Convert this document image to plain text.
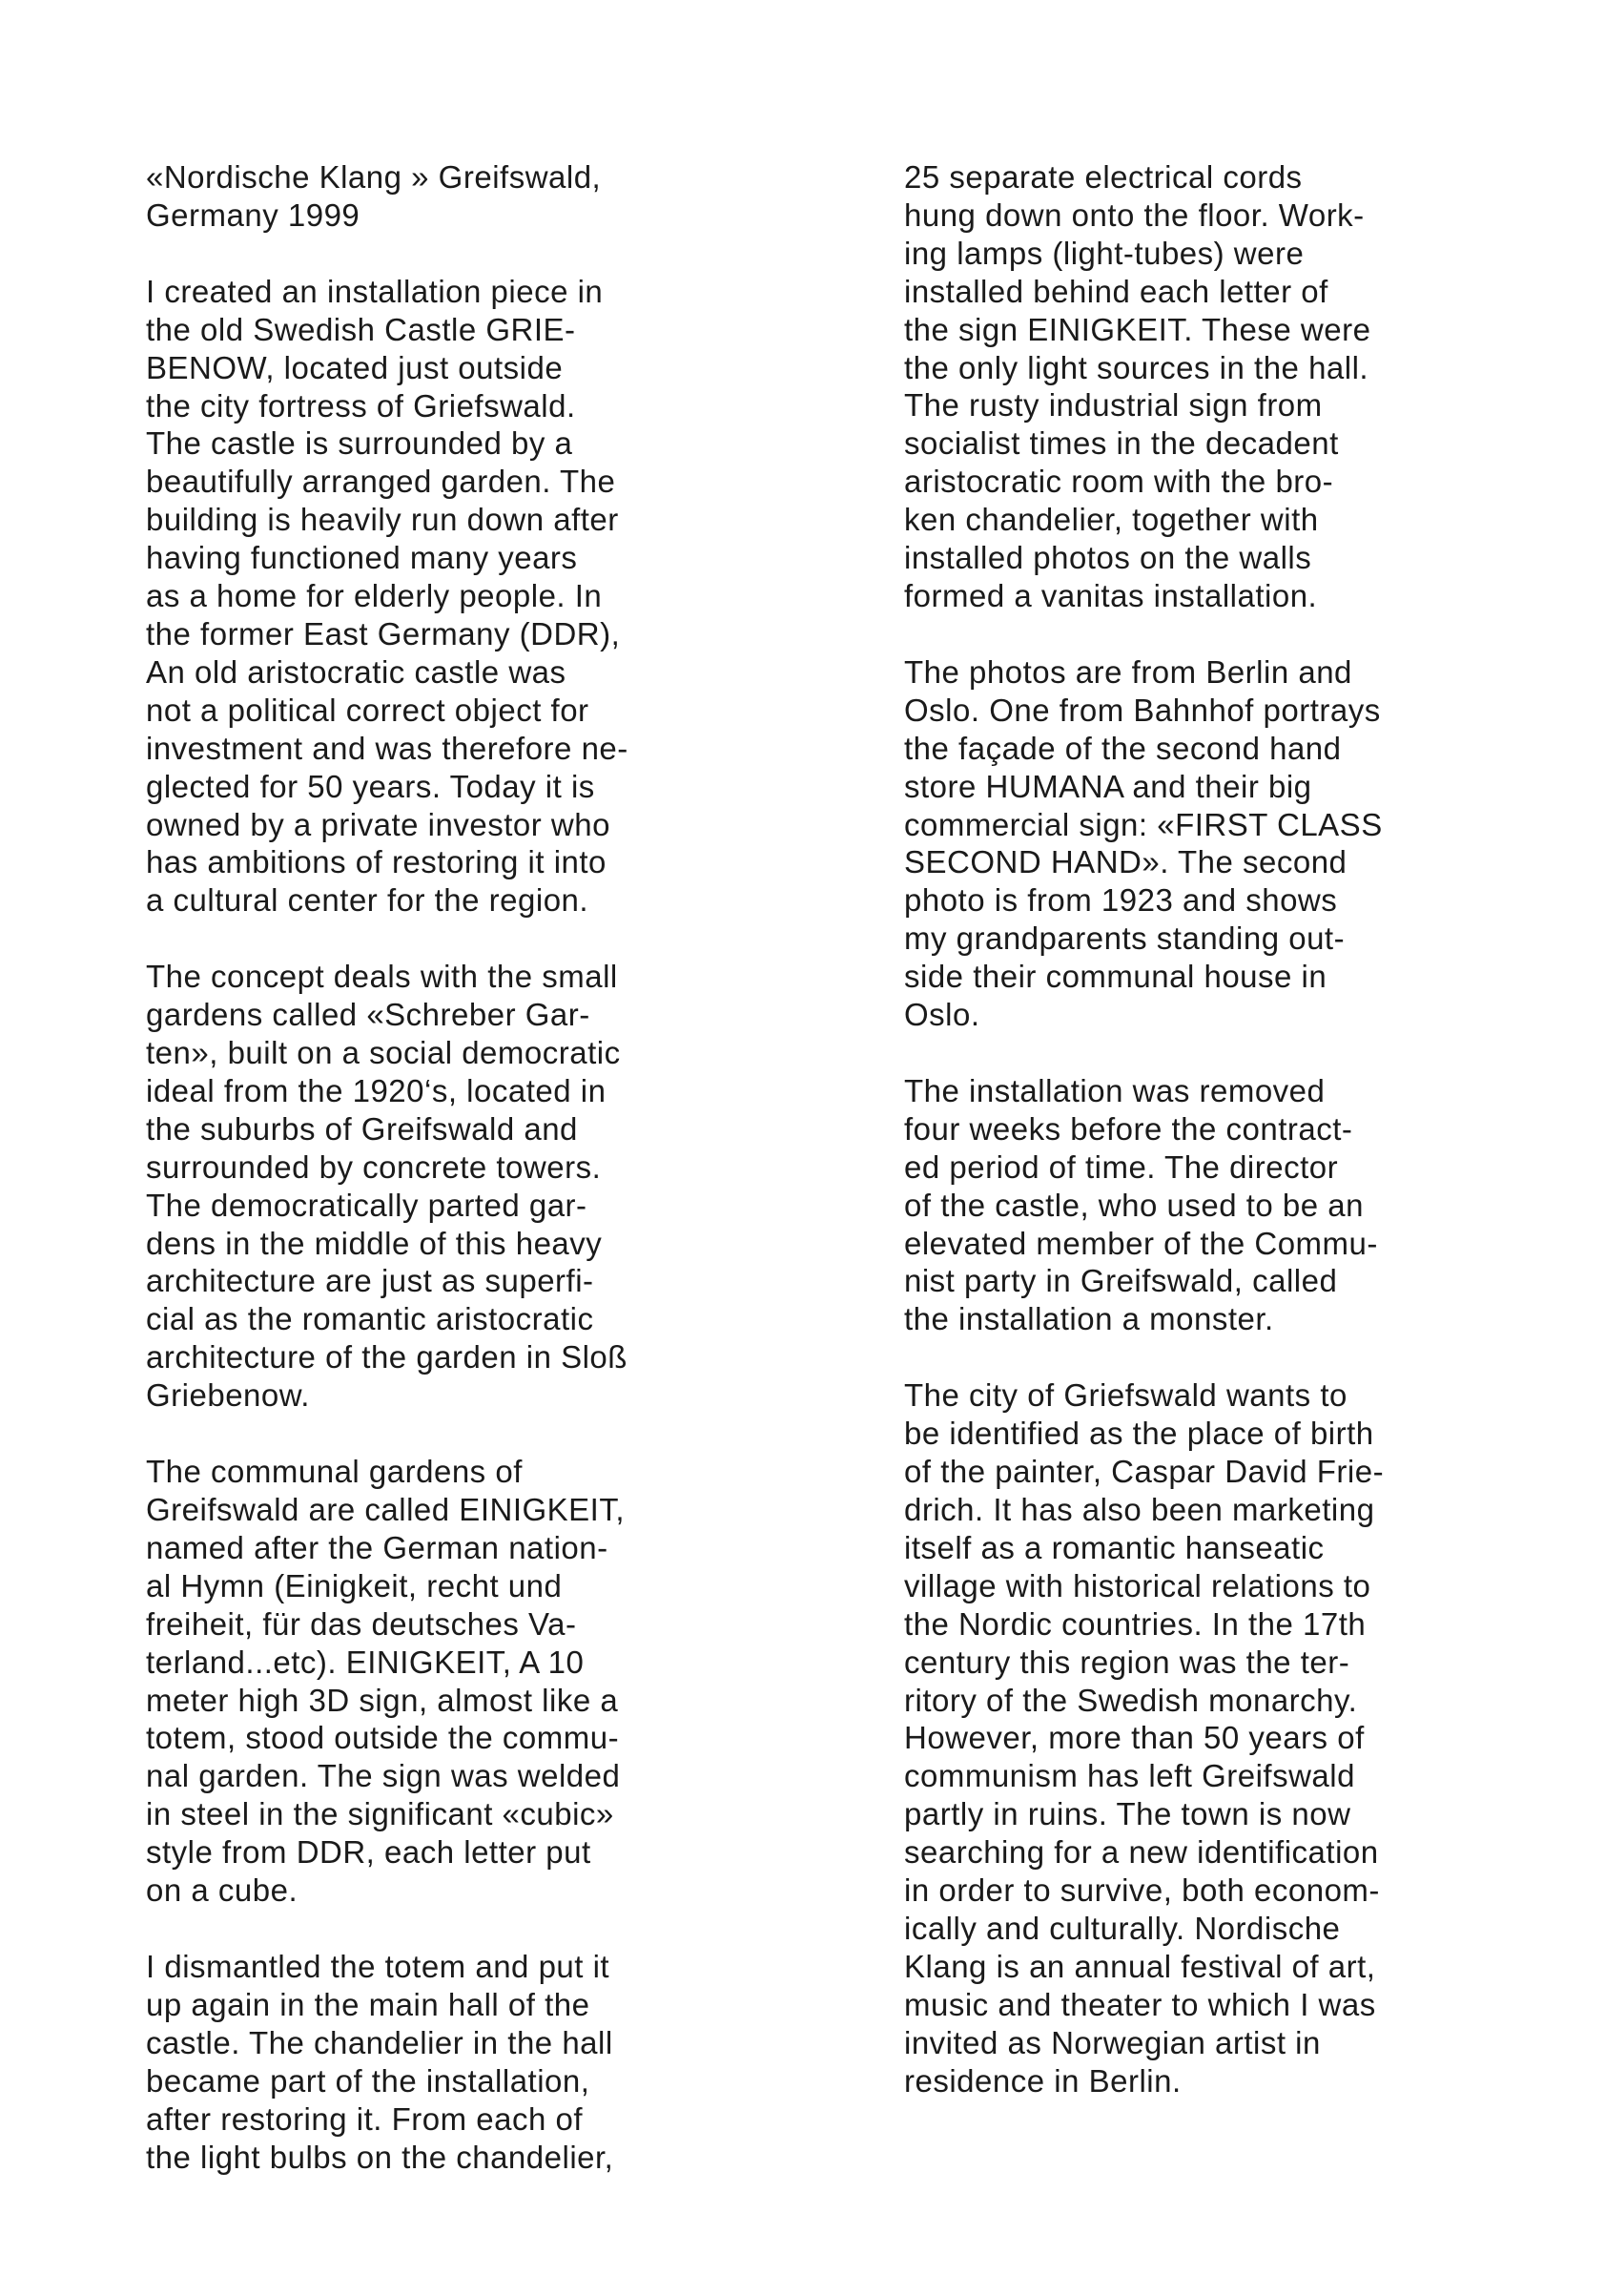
«Nordische Klang » Greifswald,
Germany 1999
I created an installation piece in
the old Swedish Castle GRIE-
BENOW, located just outside
the city fortress of Griefswald.
The castle is surrounded by a
beautifully arranged garden. The
building is heavily run down after
having functioned many years
as a home for elderly people. In
the former East Germany (DDR),
An old aristocratic castle was
not a political correct object for
investment and was therefore ne-
glected for 50 years. Today it is
owned by a private investor who
has ambitions of restoring it into
a cultural center for the region.
The concept deals with the small
gardens called «Schreber Gar-
ten», built on a social democratic
ideal from the 1920‘s, located in
the suburbs of Greifswald and
surrounded by concrete towers.
The democratically parted gar-
dens in the middle of this heavy
architecture are just as superfi-
cial as the romantic aristocratic
architecture of the garden in Sloß
Griebenow.
The communal gardens of
Greifswald are called EINIGKEIT,
named after the German nation-
al Hymn (Einigkeit, recht und
freiheit, für das deutsches Va-
terland...etc). EINIGKEIT, A 10
meter high 3D sign, almost like a
totem, stood outside the commu-
nal garden. The sign was welded
in steel in the significant «cubic»
style from DDR, each letter put
on a cube.
I dismantled the totem and put it
up again in the main hall of the
castle. The chandelier in the hall
became part of the installation,
after restoring it. From each of
the light bulbs on the chandelier,
25 separate electrical cords
hung down onto the floor. Work-
ing lamps (light-tubes) were
installed behind each letter of
the sign EINIGKEIT. These were
the only light sources in the hall.
The rusty industrial sign from
socialist times in the decadent
aristocratic room with the bro-
ken chandelier, together with
installed photos on the walls
formed a vanitas installation.
The photos are from Berlin and
Oslo. One from Bahnhof portrays
the façade of the second hand
store HUMANA and their big
commercial sign: «FIRST CLASS
SECOND HAND». The second
photo is from 1923 and shows
my grandparents standing out-
side their communal house in
Oslo.
The installation was removed
four weeks before the contract-
ed period of time. The director
of the castle, who used to be an
elevated member of the Commu-
nist party in Greifswald, called
the installation a monster.
The city of Griefswald wants to
be identified as the place of birth
of the painter, Caspar David Frie-
drich. It has also been marketing
itself as a romantic hanseatic
village with historical relations to
the Nordic countries. In the 17th
century this region was the ter-
ritory of the Swedish monarchy.
However, more than 50 years of
communism has left Greifswald
partly in ruins. The town is now
searching for a new identification
in order to survive, both econom-
ically and culturally. Nordische
Klang is an annual festival of art,
music and theater to which I was
invited as Norwegian artist in
residence in Berlin.
